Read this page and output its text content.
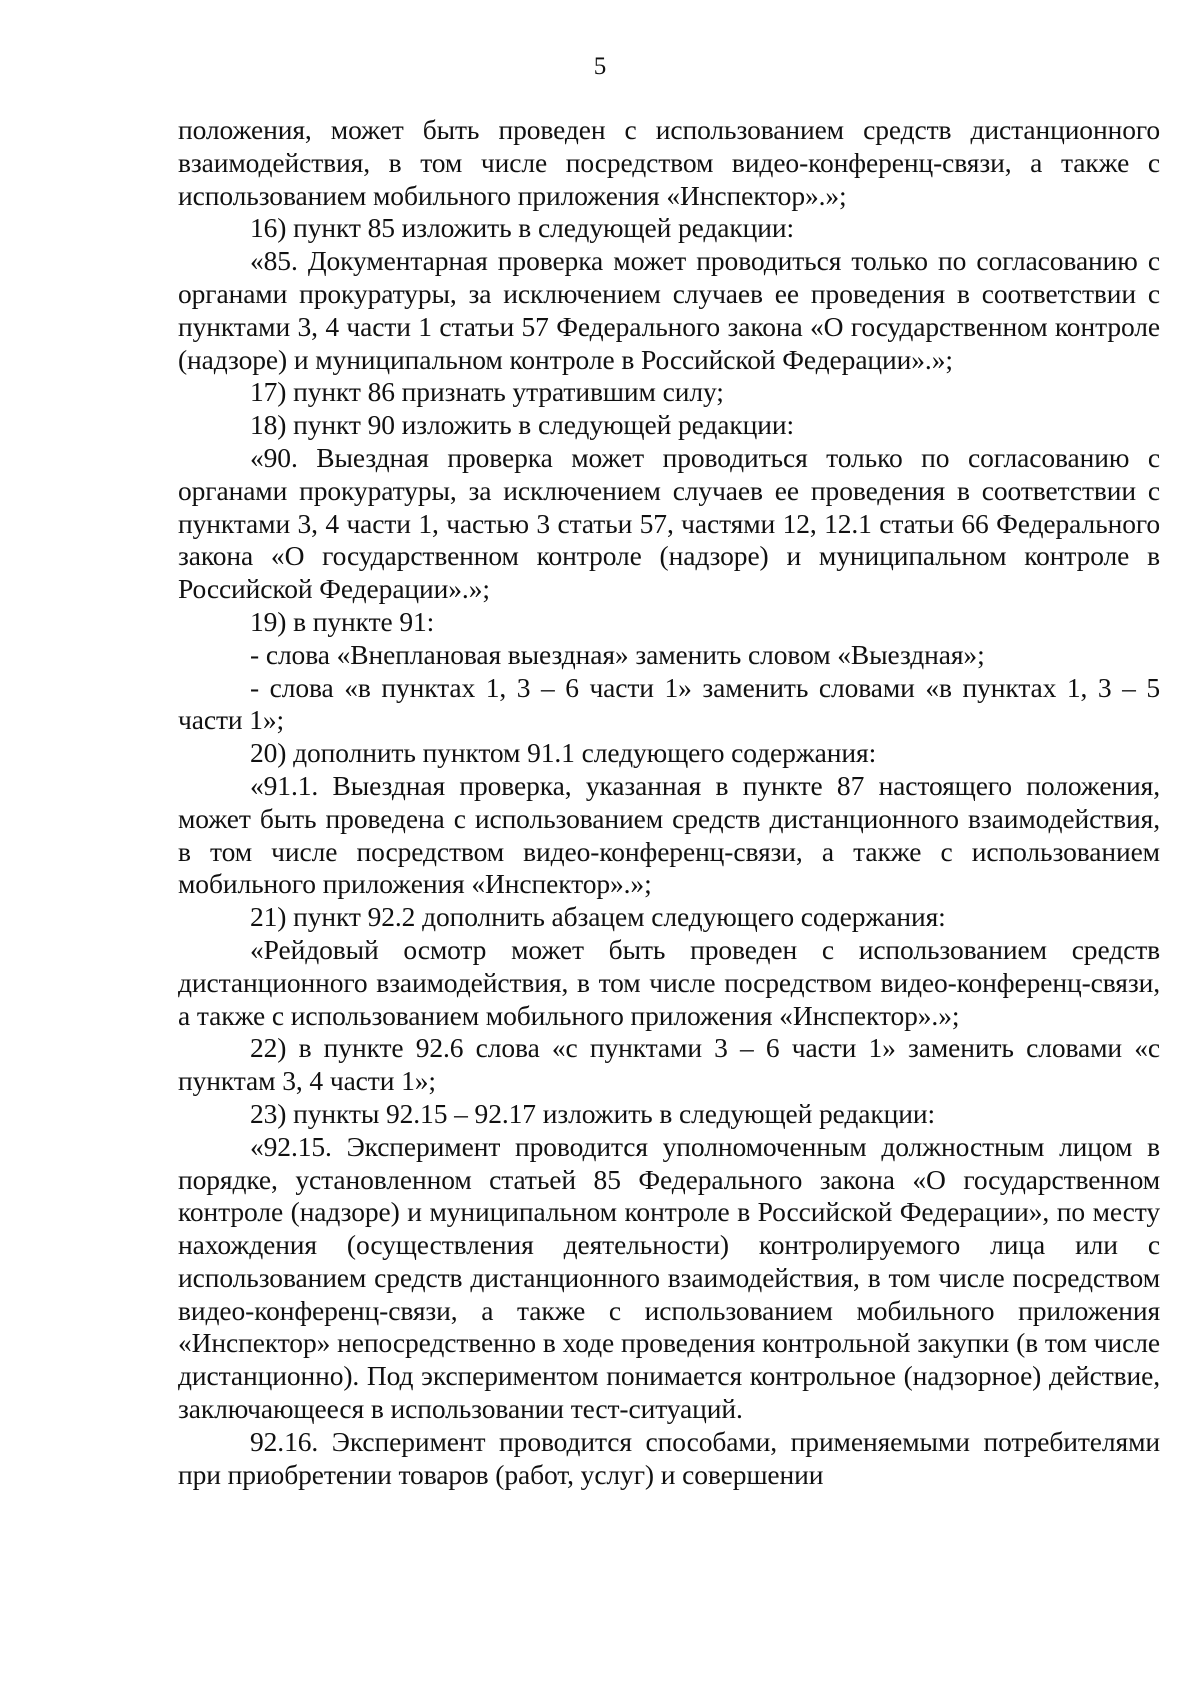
5

положения, может быть проведен с использованием средств дистанционного взаимодействия, в том числе посредством видео-конференц-связи, а также с использованием мобильного приложения «Инспектор».»;

16) пункт 85 изложить в следующей редакции:

«85. Документарная проверка может проводиться только по согласованию с органами прокуратуры, за исключением случаев ее проведения в соответствии с пунктами 3, 4 части 1 статьи 57 Федерального закона «О государственном контроле (надзоре) и муниципальном контроле в Российской Федерации».»;

17) пункт 86 признать утратившим силу;

18) пункт 90 изложить в следующей редакции:

«90. Выездная проверка может проводиться только по согласованию с органами прокуратуры, за исключением случаев ее проведения в соответствии с пунктами 3, 4 части 1, частью 3 статьи 57, частями 12, 12.1 статьи 66 Федерального закона «О государственном контроле (надзоре) и муниципальном контроле в Российской Федерации».»;

19) в пункте 91:

- слова «Внеплановая выездная» заменить словом «Выездная»;

- слова «в пунктах 1, 3 – 6 части 1» заменить словами «в пунктах 1, 3 – 5 части 1»;

20) дополнить пунктом 91.1 следующего содержания:

«91.1. Выездная проверка, указанная в пункте 87 настоящего положения, может быть проведена с использованием средств дистанционного взаимодействия, в том числе посредством видео-конференц-связи, а также с использованием мобильного приложения «Инспектор».»;

21) пункт 92.2 дополнить абзацем следующего содержания:

«Рейдовый осмотр может быть проведен с использованием средств дистанционного взаимодействия, в том числе посредством видео-конференц-связи, а также с использованием мобильного приложения «Инспектор».»;

22) в пункте 92.6 слова «с пунктами 3 – 6 части 1» заменить словами «с пунктам 3, 4 части 1»;

23) пункты 92.15 – 92.17 изложить в следующей редакции:

«92.15. Эксперимент проводится уполномоченным должностным лицом в порядке, установленном статьей 85 Федерального закона «О государственном контроле (надзоре) и муниципальном контроле в Российской Федерации», по месту нахождения (осуществления деятельности) контролируемого лица или с использованием средств дистанционного взаимодействия, в том числе посредством видео-конференц-связи, а также с использованием мобильного приложения «Инспектор» непосредственно в ходе проведения контрольной закупки (в том числе дистанционно). Под экспериментом понимается контрольное (надзорное) действие, заключающееся в использовании тест-ситуаций.

92.16. Эксперимент проводится способами, применяемыми потребителями при приобретении товаров (работ, услуг) и совершении
